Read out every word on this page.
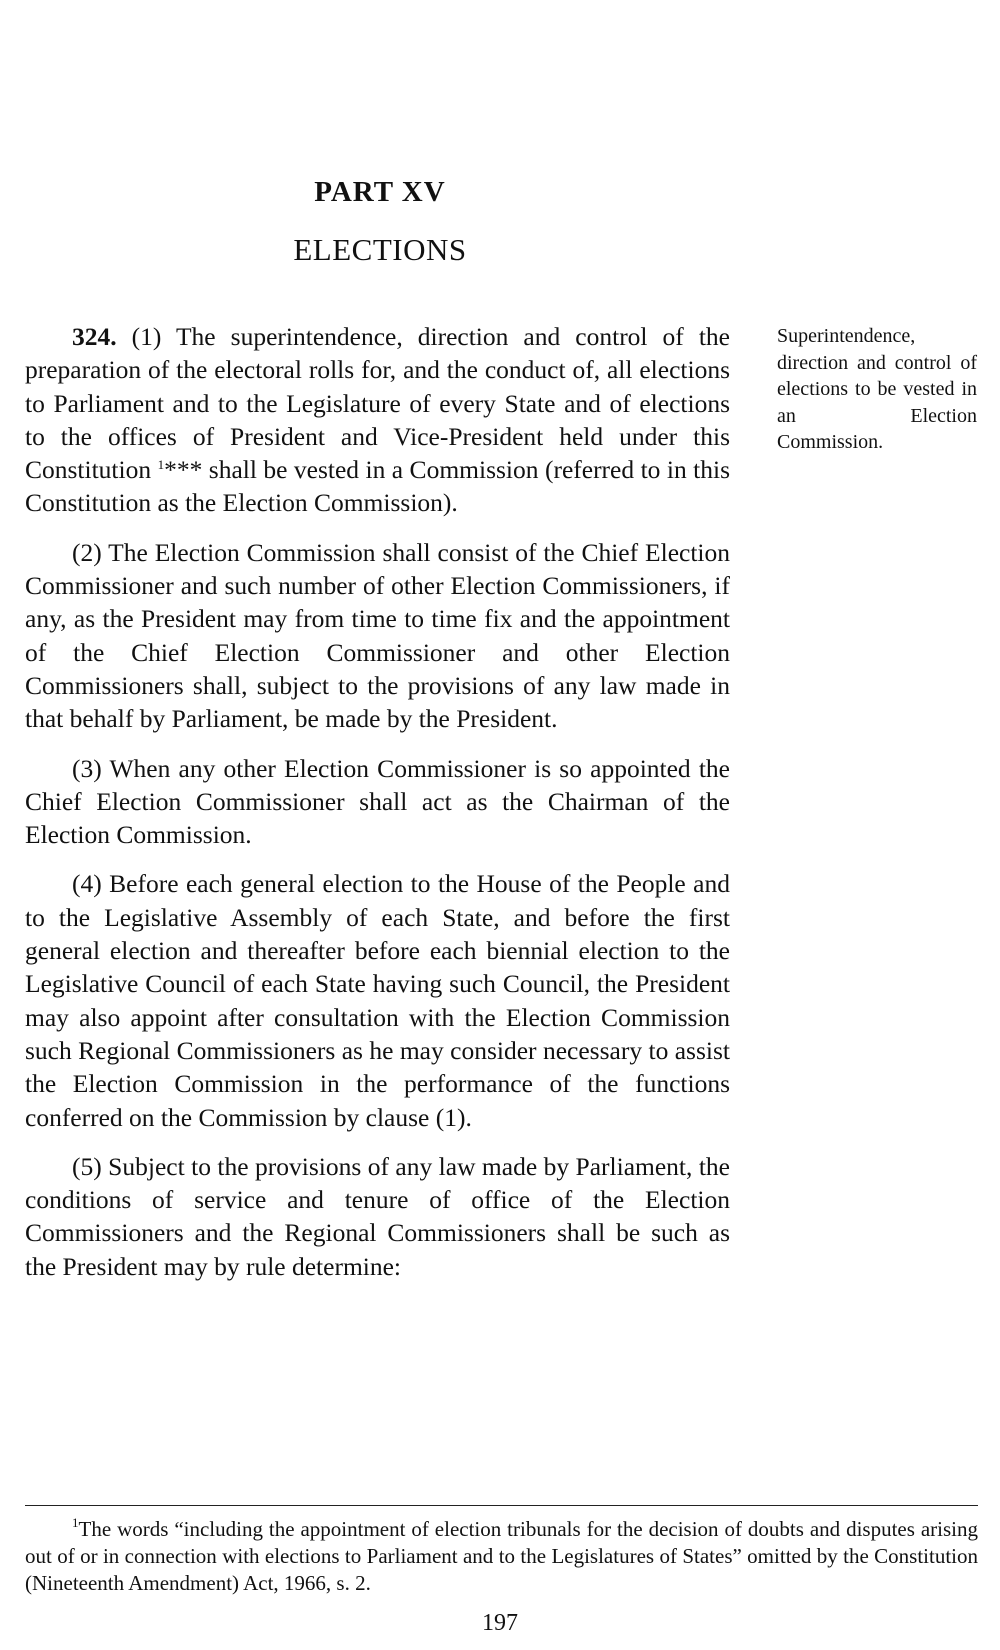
PART XV
ELECTIONS

324. (1) The superintendence, direction and control of the preparation of the electoral rolls for, and the conduct of, all elections to Parliament and to the Legislature of every State and of elections to the offices of President and Vice-President held under this Constitution $^1$*** shall be vested in a Commission (referred to in this Constitution as the Election Commission).

(2) The Election Commission shall consist of the Chief Election Commissioner and such number of other Election Commissioners, if any, as the President may from time to time fix and the appointment of the Chief Election Commissioner and other Election Commissioners shall, subject to the provisions of any law made in that behalf by Parliament, be made by the President.

(3) When any other Election Commissioner is so appointed the Chief Election Commissioner shall act as the Chairman of the Election Commission.

(4) Before each general election to the House of the People and to the Legislative Assembly of each State, and before the first general election and thereafter before each biennial election to the Legislative Council of each State having such Council, the President may also appoint after consultation with the Election Commission such Regional Commissioners as he may consider necessary to assist the Election Commission in the performance of the functions conferred on the Commission by clause (1).

(5) Subject to the provisions of any law made by Parliament, the conditions of service and tenure of office of the Election Commissioners and the Regional Commissioners shall be such as the President may by rule determine:

Superintendence, direction and control of elections to be vested in an Election Commission.
$^1$The words “including the appointment of election tribunals for the decision of doubts and disputes arising out of or in connection with elections to Parliament and to the Legislatures of States” omitted by the Constitution (Nineteenth Amendment) Act, 1966, s. 2.
197
